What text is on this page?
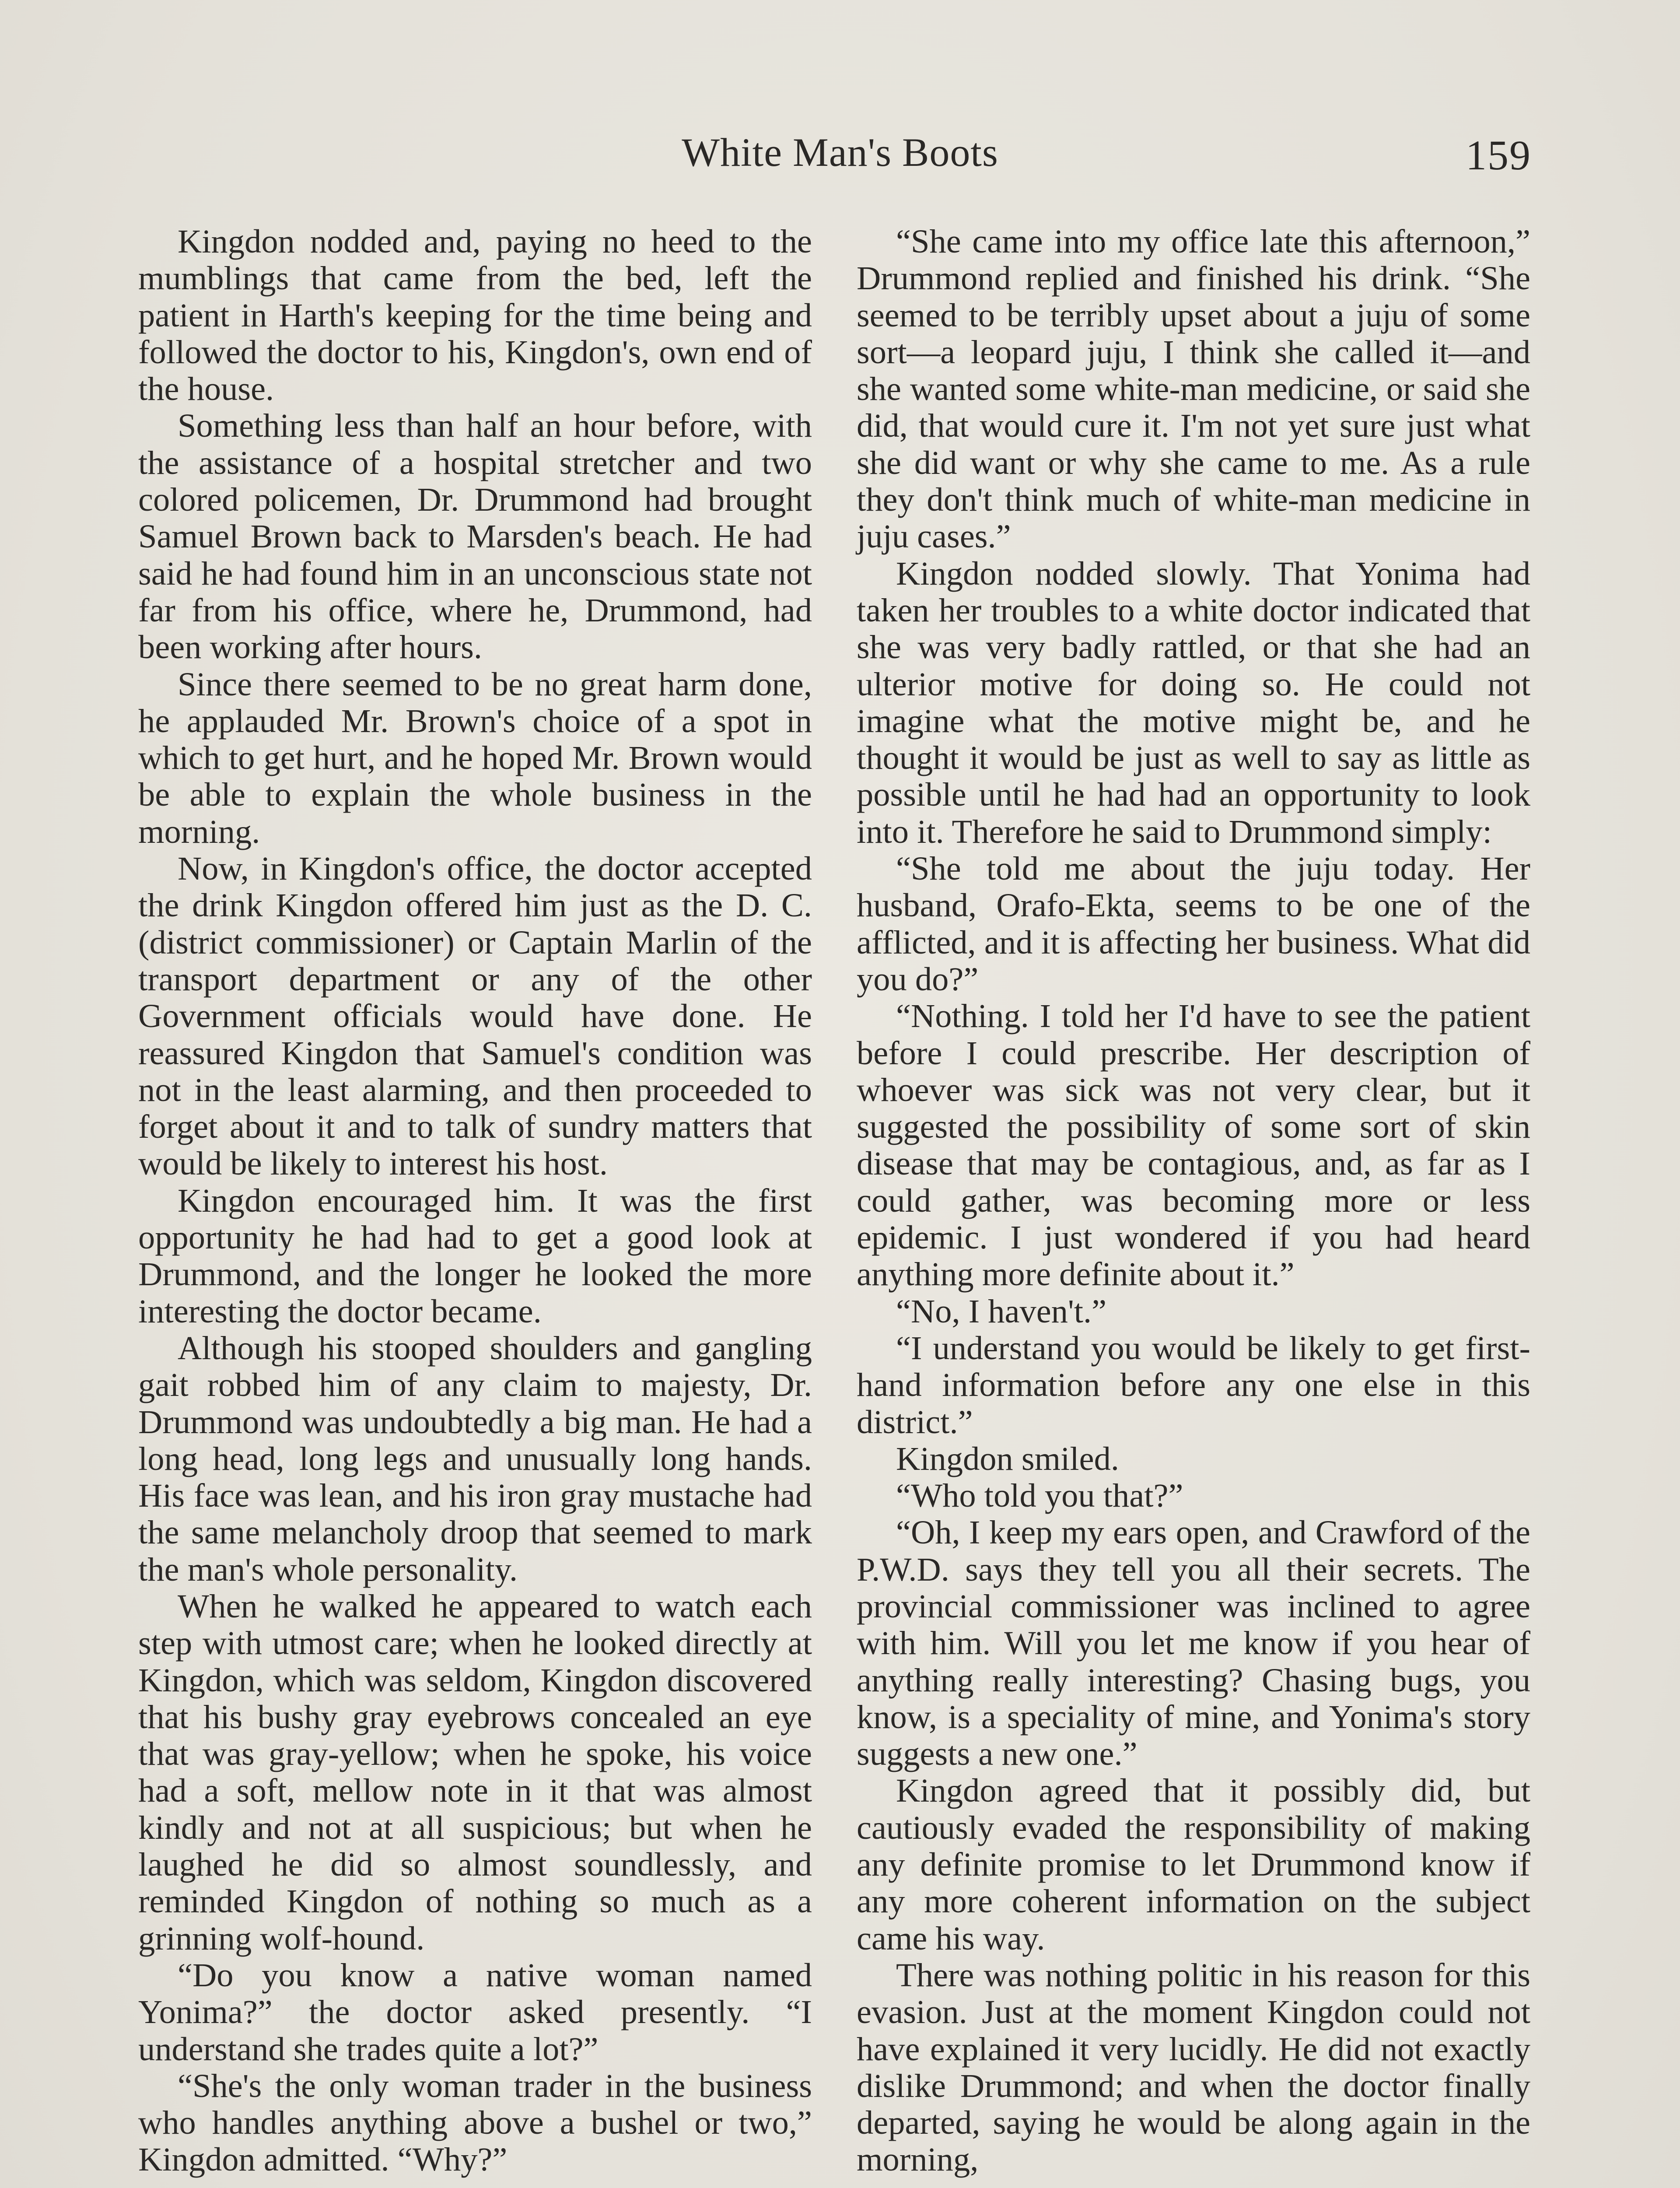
White Man's Boots	159

Kingdon nodded and, paying no heed to the mumblings that came from the bed, left the patient in Harth's keeping for the time being and followed the doctor to his, Kingdon's, own end of the house.

Something less than half an hour before, with the assistance of a hospital stretcher and two colored policemen, Dr. Drummond had brought Samuel Brown back to Marsden's beach. He had said he had found him in an unconscious state not far from his office, where he, Drummond, had been working after hours.

Since there seemed to be no great harm done, he applauded Mr. Brown's choice of a spot in which to get hurt, and he hoped Mr. Brown would be able to explain the whole business in the morning.

Now, in Kingdon's office, the doctor accepted the drink Kingdon offered him just as the D. C. (district commissioner) or Captain Marlin of the transport department or any of the other Government officials would have done. He reassured Kingdon that Samuel's condition was not in the least alarming, and then proceeded to forget about it and to talk of sundry matters that would be likely to interest his host.

Kingdon encouraged him. It was the first opportunity he had had to get a good look at Drummond, and the longer he looked the more interesting the doctor became.

Although his stooped shoulders and gangling gait robbed him of any claim to majesty, Dr. Drummond was undoubtedly a big man. He had a long head, long legs and unusually long hands. His face was lean, and his iron gray mustache had the same melancholy droop that seemed to mark the man's whole personality.

When he walked he appeared to watch each step with utmost care; when he looked directly at Kingdon, which was seldom, Kingdon discovered that his bushy gray eyebrows concealed an eye that was gray-yellow; when he spoke, his voice had a soft, mellow note in it that was almost kindly and not at all suspicious; but when he laughed he did so almost soundlessly, and reminded Kingdon of nothing so much as a grinning wolf-hound.

“Do you know a native woman named Yonima?” the doctor asked presently. “I understand she trades quite a lot?”

“She's the only woman trader in the business who handles anything above a bushel or two,” Kingdon admitted. “Why?”

“She came into my office late this afternoon,” Drummond replied and finished his drink. “She seemed to be terribly upset about a juju of some sort—a leopard juju, I think she called it—and she wanted some white-man medicine, or said she did, that would cure it. I'm not yet sure just what she did want or why she came to me. As a rule they don't think much of white-man medicine in juju cases.”

Kingdon nodded slowly. That Yonima had taken her troubles to a white doctor indicated that she was very badly rattled, or that she had an ulterior motive for doing so. He could not imagine what the motive might be, and he thought it would be just as well to say as little as possible until he had had an opportunity to look into it. Therefore he said to Drummond simply:

“She told me about the juju today. Her husband, Orafo-Ekta, seems to be one of the afflicted, and it is affecting her business. What did you do?”

“Nothing. I told her I'd have to see the patient before I could prescribe. Her description of whoever was sick was not very clear, but it suggested the possibility of some sort of skin disease that may be contagious, and, as far as I could gather, was becoming more or less epidemic. I just wondered if you had heard anything more definite about it.”

“No, I haven't.”

“I understand you would be likely to get first-hand information before any one else in this district.”

Kingdon smiled.

“Who told you that?”

“Oh, I keep my ears open, and Crawford of the P.W.D. says they tell you all their secrets. The provincial commissioner was inclined to agree with him. Will you let me know if you hear of anything really interesting? Chasing bugs, you know, is a speciality of mine, and Yonima's story suggests a new one.”

Kingdon agreed that it possibly did, but cautiously evaded the responsibility of making any definite promise to let Drummond know if any more coherent information on the subject came his way.

There was nothing politic in his reason for this evasion. Just at the moment Kingdon could not have explained it very lucidly. He did not exactly dislike Drummond; and when the doctor finally departed, saying he would be along again in the morning,
